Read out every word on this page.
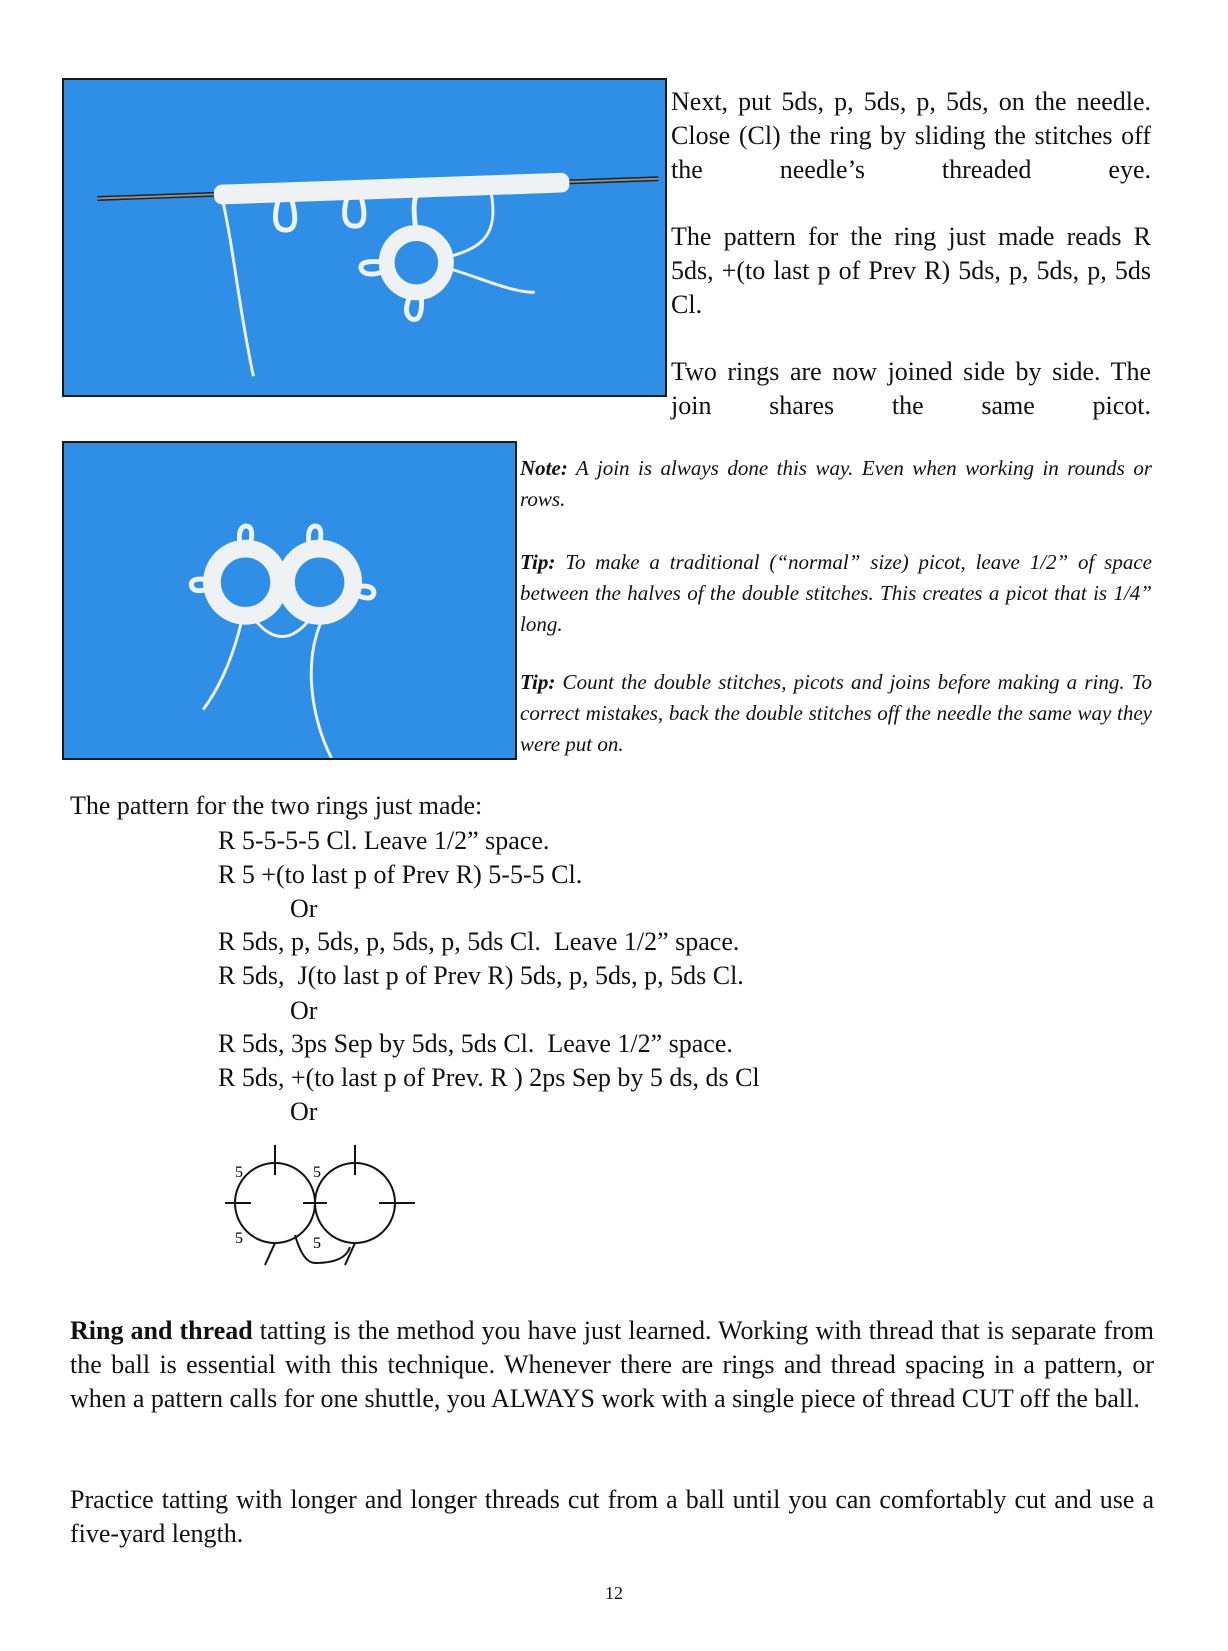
Next, put 5ds, p, 5ds, p, 5ds, on the needle. Close (Cl) the ring by sliding the stitches off the needle’s threaded eye.

The pattern for the ring just made reads R 5ds, +(to last p of Prev R) 5ds, p, 5ds, p, 5ds Cl.

Two rings are now joined side by side. The join shares the same picot.

Note: A join is always done this way. Even when working in rounds or rows.

Tip: To make a traditional (“normal” size) picot, leave 1/2” of space between the halves of the double stitches. This creates a picot that is 1/4” long.

Tip: Count the double stitches, picots and joins before making a ring. To correct mistakes, back the double stitches off the needle the same way they were put on.

The pattern for the two rings just made:
R 5-5-5-5 Cl. Leave 1/2” space.
R 5 +(to last p of Prev R) 5-5-5 Cl.
Or
R 5ds, p, 5ds, p, 5ds, p, 5ds Cl.  Leave 1/2” space.
R 5ds,  J(to last p of Prev R) 5ds, p, 5ds, p, 5ds Cl.
Or
R 5ds, 3ps Sep by 5ds, 5ds Cl.  Leave 1/2” space.
R 5ds, +(to last p of Prev. R ) 2ps Sep by 5 ds, ds Cl
Or
5	5
5	5

Ring and thread tatting is the method you have just learned. Working with thread that is separate from the ball is essential with this technique. Whenever there are rings and thread spacing in a pattern, or when a pattern calls for one shuttle, you ALWAYS work with a single piece of thread CUT off the ball.

Practice tatting with longer and longer threads cut from a ball until you can comfortably cut and use a five-yard length.

12
